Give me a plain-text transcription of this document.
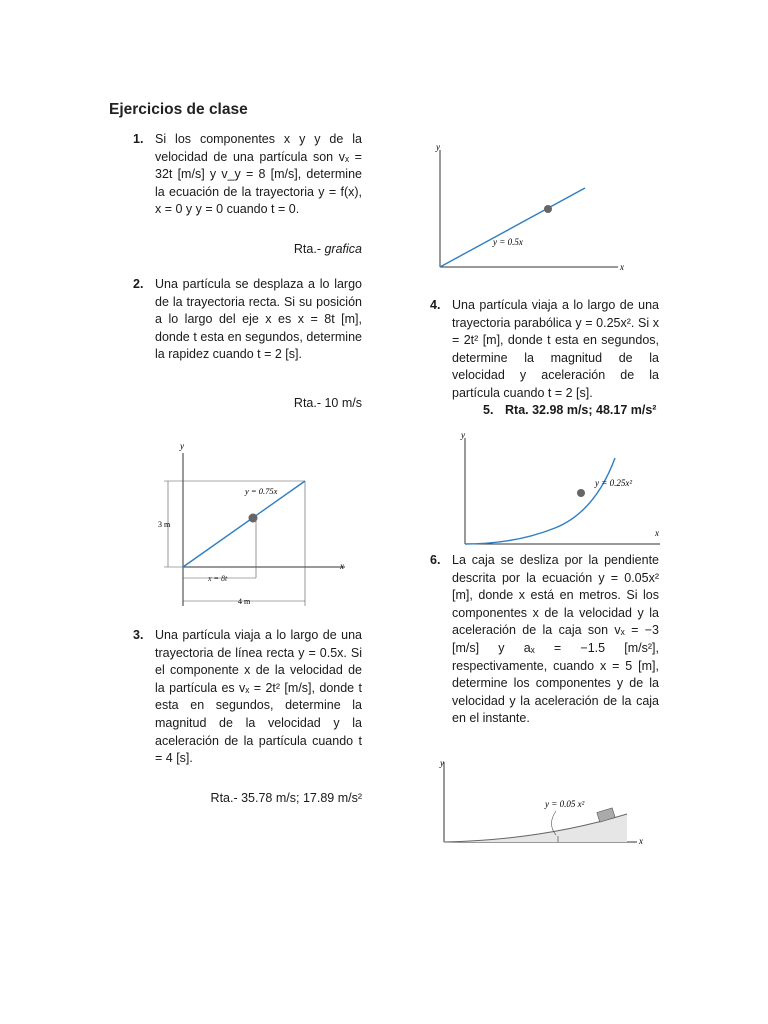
Ejercicios de clase
1. Si los componentes x y y de la velocidad de una partícula son vₓ = 32t [m/s] y v_y = 8 [m/s], determine la ecuación de la trayectoria y = f(x), x = 0 y y = 0 cuando t = 0.
Rta.- grafica
2. Una partícula se desplaza a lo largo de la trayectoria recta. Si su posición a lo largo del eje x es x = 8t [m], donde t esta en segundos, determine la rapidez cuando t = 2 [s].
Rta.- 10 m/s
y
x
y = 0.75x
3 m
x = 8t
4 m
3. Una partícula viaja a lo largo de una trayectoria de línea recta y = 0.5x. Si el componente x de la velocidad de la partícula es vₓ = 2t² [m/s], donde t esta en segundos, determine la magnitud de la velocidad y la aceleración de la partícula cuando t = 4 [s].
Rta.- 35.78 m/s; 17.89 m/s²
y
x
y = 0.5x
4. Una partícula viaja a lo largo de una trayectoria parabólica y = 0.25x². Si x = 2t² [m], donde t esta en segundos, determine la magnitud de la velocidad y aceleración de la partícula cuando t = 2 [s].
5. Rta. 32.98 m/s; 48.17 m/s²
y
x
y = 0.25x²
6. La caja se desliza por la pendiente descrita por la ecuación y = 0.05x² [m], donde x está en metros. Si los componentes x de la velocidad y la aceleración de la caja son vₓ = −3 [m/s] y aₓ = −1.5 [m/s²], respectivamente, cuando x = 5 [m], determine los componentes y de la velocidad y la aceleración de la caja en el instante.
y
x
y = 0.05 x²
